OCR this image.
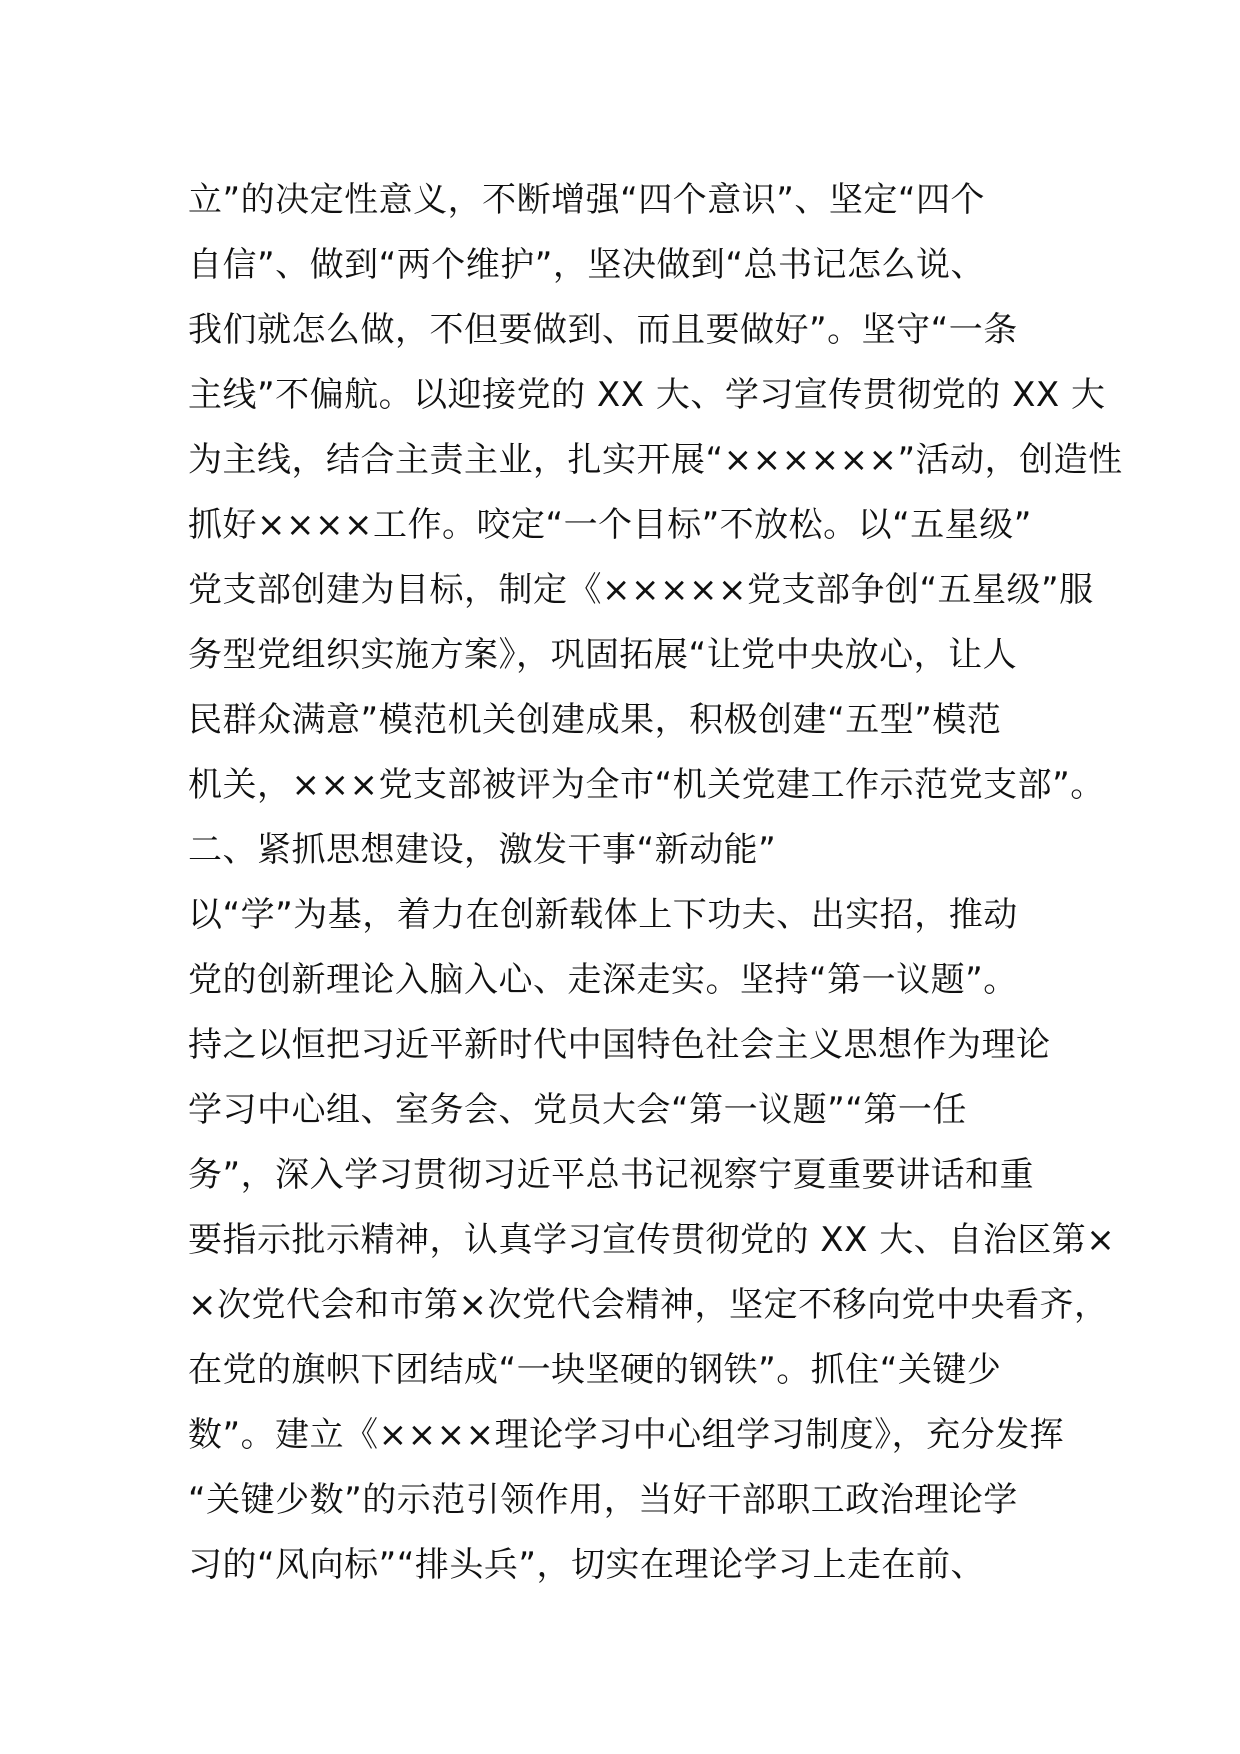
立”的决定性意义，不断增强“四个意识”、坚定“四个
自信”、做到“两个维护”，坚决做到“总书记怎么说、
我们就怎么做，不但要做到、而且要做好”。坚守“一条
主线”不偏航。以迎接党的 XX 大、学习宣传贯彻党的 XX 大
为主线，结合主责主业，扎实开展“××××××”活动，创造性
抓好××××工作。咬定“一个目标”不放松。以“五星级”
党支部创建为目标，制定《×××××党支部争创“五星级”服
务型党组织实施方案》，巩固拓展“让党中央放心，让人
民群众满意”模范机关创建成果，积极创建“五型”模范
机关，×××党支部被评为全市“机关党建工作示范党支部”。
二、紧抓思想建设，激发干事“新动能”
以“学”为基，着力在创新载体上下功夫、出实招，推动
党的创新理论入脑入心、走深走实。坚持“第一议题”。
持之以恒把习近平新时代中国特色社会主义思想作为理论
学习中心组、室务会、党员大会“第一议题”“第一任
务”，深入学习贯彻习近平总书记视察宁夏重要讲话和重
要指示批示精神，认真学习宣传贯彻党的 XX 大、自治区第×
×次党代会和市第×次党代会精神，坚定不移向党中央看齐，
在党的旗帜下团结成“一块坚硬的钢铁”。抓住“关键少
数”。建立《××××理论学习中心组学习制度》，充分发挥
“关键少数”的示范引领作用，当好干部职工政治理论学
习的“风向标”“排头兵”，切实在理论学习上走在前、
